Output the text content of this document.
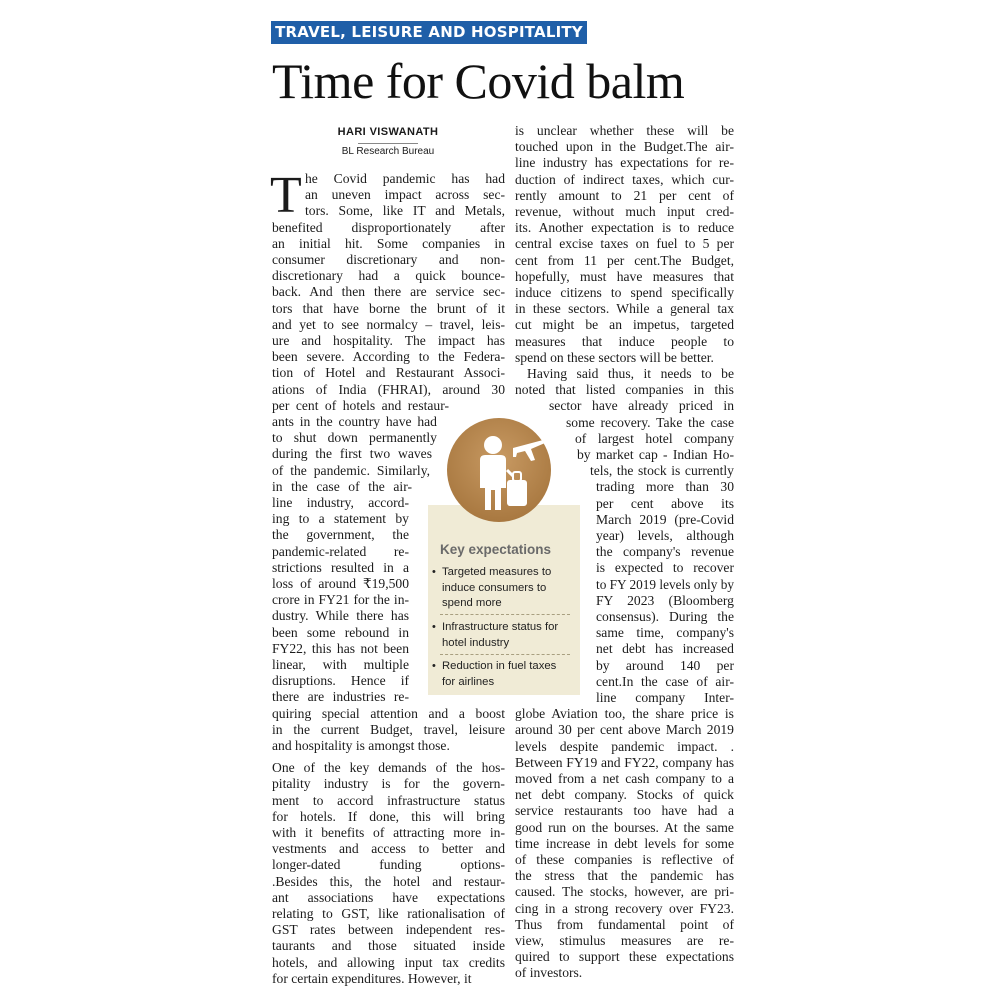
TRAVEL, LEISURE AND HOSPITALITY
Time for Covid balm
HARI VISWANATH
BL Research Bureau
T he Covid pandemic has had

an uneven impact across sec-

tors. Some, like IT and Metals,

benefited disproportionately after

an initial hit. Some companies in

consumer discretionary and non-

discretionary had a quick bounce-

back. And then there are service sec-

tors that have borne the brunt of it

and yet to see normalcy – travel, leis-

ure and hospitality. The impact has

been severe. According to the Federa-

tion of Hotel and Restaurant Associ-

ations of India (FHRAI), around 30

per cent of hotels and restaur-

ants in the country have had

to shut down permanently

during the first two waves

of the pandemic. Similarly,

in the case of the air-

line industry, accord-

ing to a statement by

the government, the

pandemic-related re-

strictions resulted in a

loss of around ₹19,500

crore in FY21 for the in-

dustry. While there has

been some rebound in

FY22, this has not been

linear, with multiple

disruptions. Hence if

there are industries re-

quiring special attention and a boost

in the current Budget, travel, leisure

and hospitality is amongst those.

One of the key demands of the hos-

pitality industry is for the govern-

ment to accord infrastructure status

for hotels. If done, this will bring

with it benefits of attracting more in-

vestments and access to better and

longer-dated funding options-

.Besides this, the hotel and restaur-

ant associations have expectations

relating to GST, like rationalisation of

GST rates between independent res-

taurants and those situated inside

hotels, and allowing input tax credits

for certain expenditures. However, it

is unclear whether these will be

touched upon in the Budget.The air-

line industry has expectations for re-

duction of indirect taxes, which cur-

rently amount to 21 per cent of

revenue, without much input cred-

its. Another expectation is to reduce

central excise taxes on fuel to 5 per

cent from 11 per cent.The Budget,

hopefully, must have measures that

induce citizens to spend specifically

in these sectors. While a general tax

cut might be an impetus, targeted

measures that induce people to

spend on these sectors will be better.

Having said thus, it needs to be

noted that listed companies in this

sector have already priced in

some recovery. Take the case

of largest hotel company

by market cap - Indian Ho-

tels, the stock is currently

trading more than 30

per cent above its

March 2019 (pre-Covid

year) levels, although

the company's revenue

is expected to recover

to FY 2019 levels only by

FY 2023 (Bloomberg

consensus). During the

same time, company's

net debt has increased

by around 140 per

cent.In the case of air-

line company Inter-

globe Aviation too, the share price is

around 30 per cent above March 2019

levels despite pandemic impact. .

Between FY19 and FY22, company has

moved from a net cash company to a

net debt company. Stocks of quick

service restaurants too have had a

good run on the bourses. At the same

time increase in debt levels for some

of these companies is reflective of

the stress that the pandemic has

caused. The stocks, however, are pri-

cing in a strong recovery over FY23.

Thus from fundamental point of

view, stimulus measures are re-

quired to support these expectations

of investors.

Key expectations
• Targeted measures to induce consumers to spend more
• Infrastructure status for hotel industry
• Reduction in fuel taxes for airlines
